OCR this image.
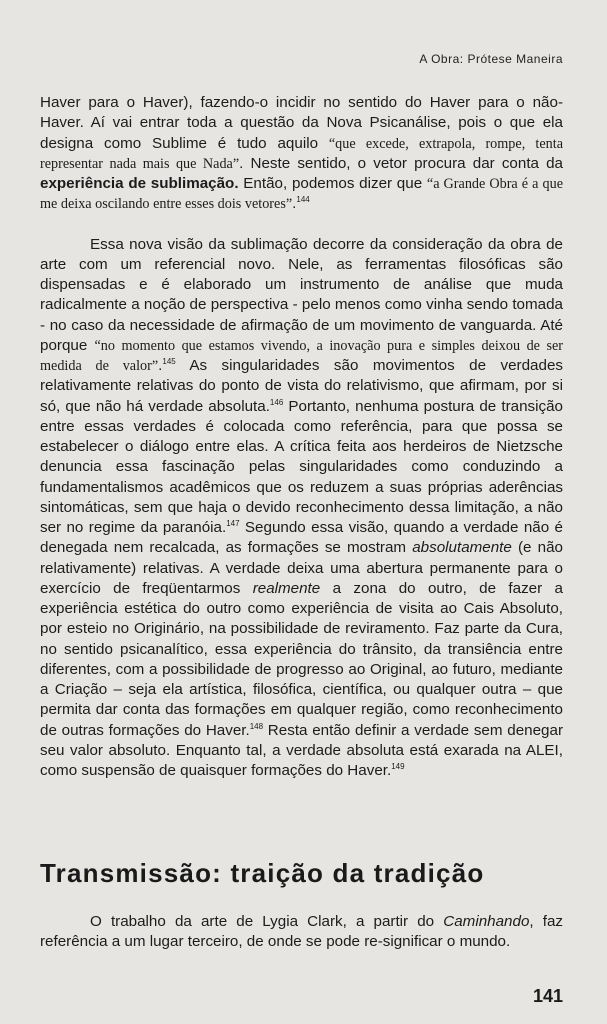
A Obra: Prótese Maneira

Haver para o Haver), fazendo-o incidir no sentido do Haver para o não-Haver. Aí vai entrar toda a questão da Nova Psicanálise, pois o que ela designa como Sublime é tudo aquilo “que excede, extrapola, rompe, tenta representar nada mais que Nada”. Neste sentido, o vetor procura dar conta da experiência de sublimação. Então, podemos dizer que “a Grande Obra é a que me deixa oscilando entre esses dois vetores”.$^{144}$

Essa nova visão da sublimação decorre da consideração da obra de arte com um referencial novo. Nele, as ferramentas filosóficas são dispensadas e é elaborado um instrumento de análise que muda radicalmente a noção de perspectiva - pelo menos como vinha sendo tomada - no caso da necessidade de afirmação de um movimento de vanguarda. Até porque “no momento que estamos vivendo, a inovação pura e simples deixou de ser medida de valor”.$^{145}$ As singularidades são movimentos de verdades relativamente relativas do ponto de vista do relativismo, que afirmam, por si só, que não há verdade absoluta.$^{146}$ Portanto, nenhuma postura de transição entre essas verdades é colocada como referência, para que possa se estabelecer o diálogo entre elas. A crítica feita aos herdeiros de Nietzsche denuncia essa fascinação pelas singularidades como conduzindo a fundamentalismos acadêmicos que os reduzem a suas próprias aderências sintomáticas, sem que haja o devido reconhecimento dessa limitação, a não ser no regime da paranóia.$^{147}$ Segundo essa visão, quando a verdade não é denegada nem recalcada, as formações se mostram absolutamente (e não relativamente) relativas. A verdade deixa uma abertura permanente para o exercício de freqüentarmos realmente a zona do outro, de fazer a experiência estética do outro como experiência de visita ao Cais Absoluto, por esteio no Originário, na possibilidade de reviramento. Faz parte da Cura, no sentido psicanalítico, essa experiência do trânsito, da transiência entre diferentes, com a possibilidade de progresso ao Original, ao futuro, mediante a Criação – seja ela artística, filosófica, científica, ou qualquer outra – que permita dar conta das formações em qualquer região, como reconhecimento de outras formações do Haver.$^{148}$ Resta então definir a verdade sem denegar seu valor absoluto. Enquanto tal, a verdade absoluta está exarada na ALEI, como suspensão de quaisquer formações do Haver.$^{149}$

Transmissão: traição da tradição

O trabalho da arte de Lygia Clark, a partir do Caminhando, faz referência a um lugar terceiro, de onde se pode re-significar o mundo.

141
